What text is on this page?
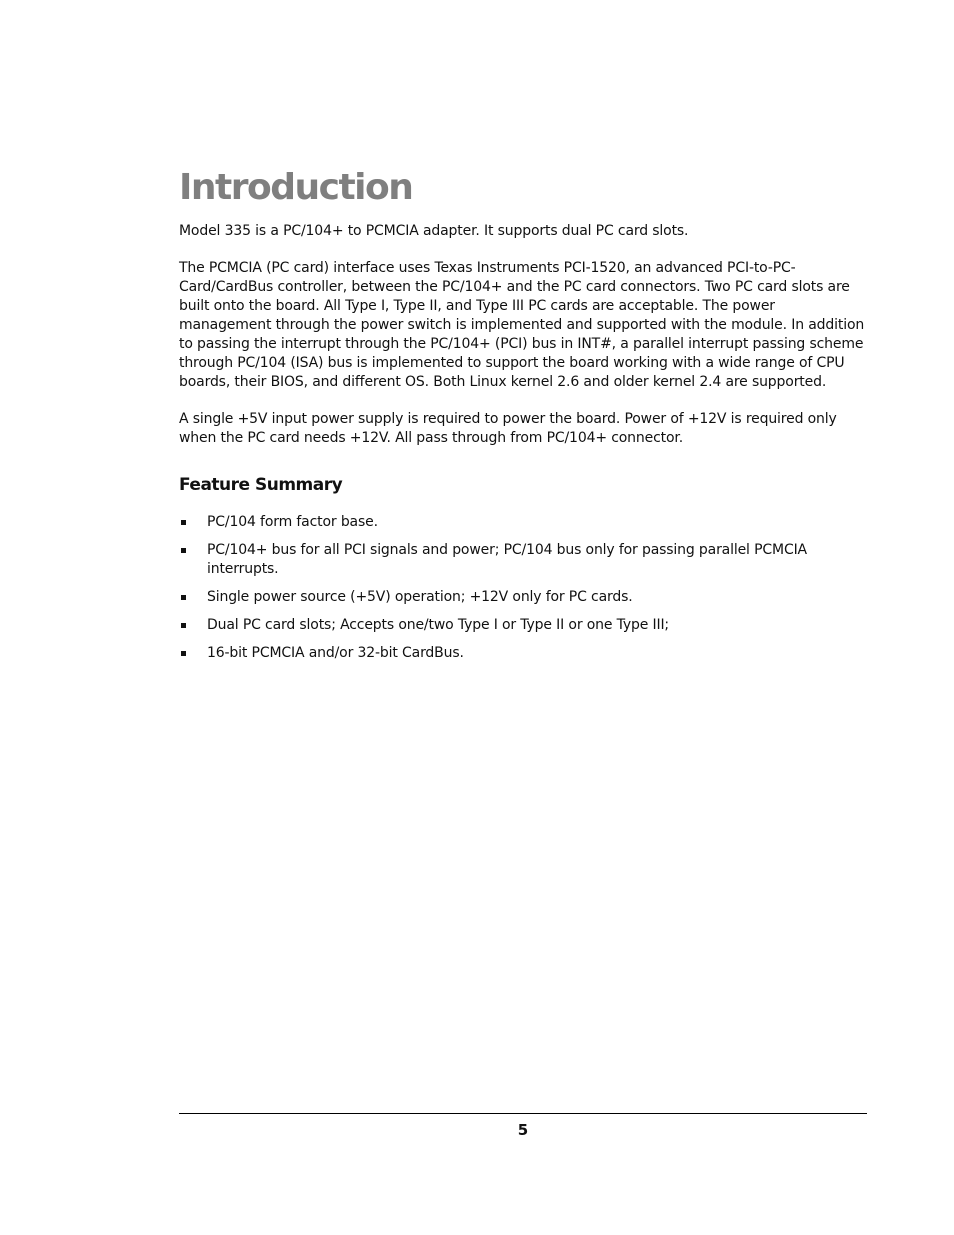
Introduction

Model 335 is a PC/104+ to PCMCIA adapter. It supports dual PC card slots.

The PCMCIA (PC card) interface uses Texas Instruments PCI-1520, an advanced PCI-to-PC-Card/CardBus controller, between the PC/104+ and the PC card connectors. Two PC card slots are built onto the board. All Type I, Type II, and Type III PC cards are acceptable. The power management through the power switch is implemented and supported with the module. In addition to passing the interrupt through the PC/104+ (PCI) bus in INT#, a parallel interrupt passing scheme through PC/104 (ISA) bus is implemented to support the board working with a wide range of CPU boards, their BIOS, and different OS. Both Linux kernel 2.6 and older kernel 2.4 are supported.

A single +5V input power supply is required to power the board. Power of +12V is required only when the PC card needs +12V. All pass through from PC/104+ connector.

Feature Summary
PC/104 form factor base.
PC/104+ bus for all PCI signals and power; PC/104 bus only for passing parallel PCMCIA interrupts.
Single power source (+5V) operation; +12V only for PC cards.
Dual PC card slots; Accepts one/two Type I or Type II or one Type III;
16-bit PCMCIA and/or 32-bit CardBus.
5
